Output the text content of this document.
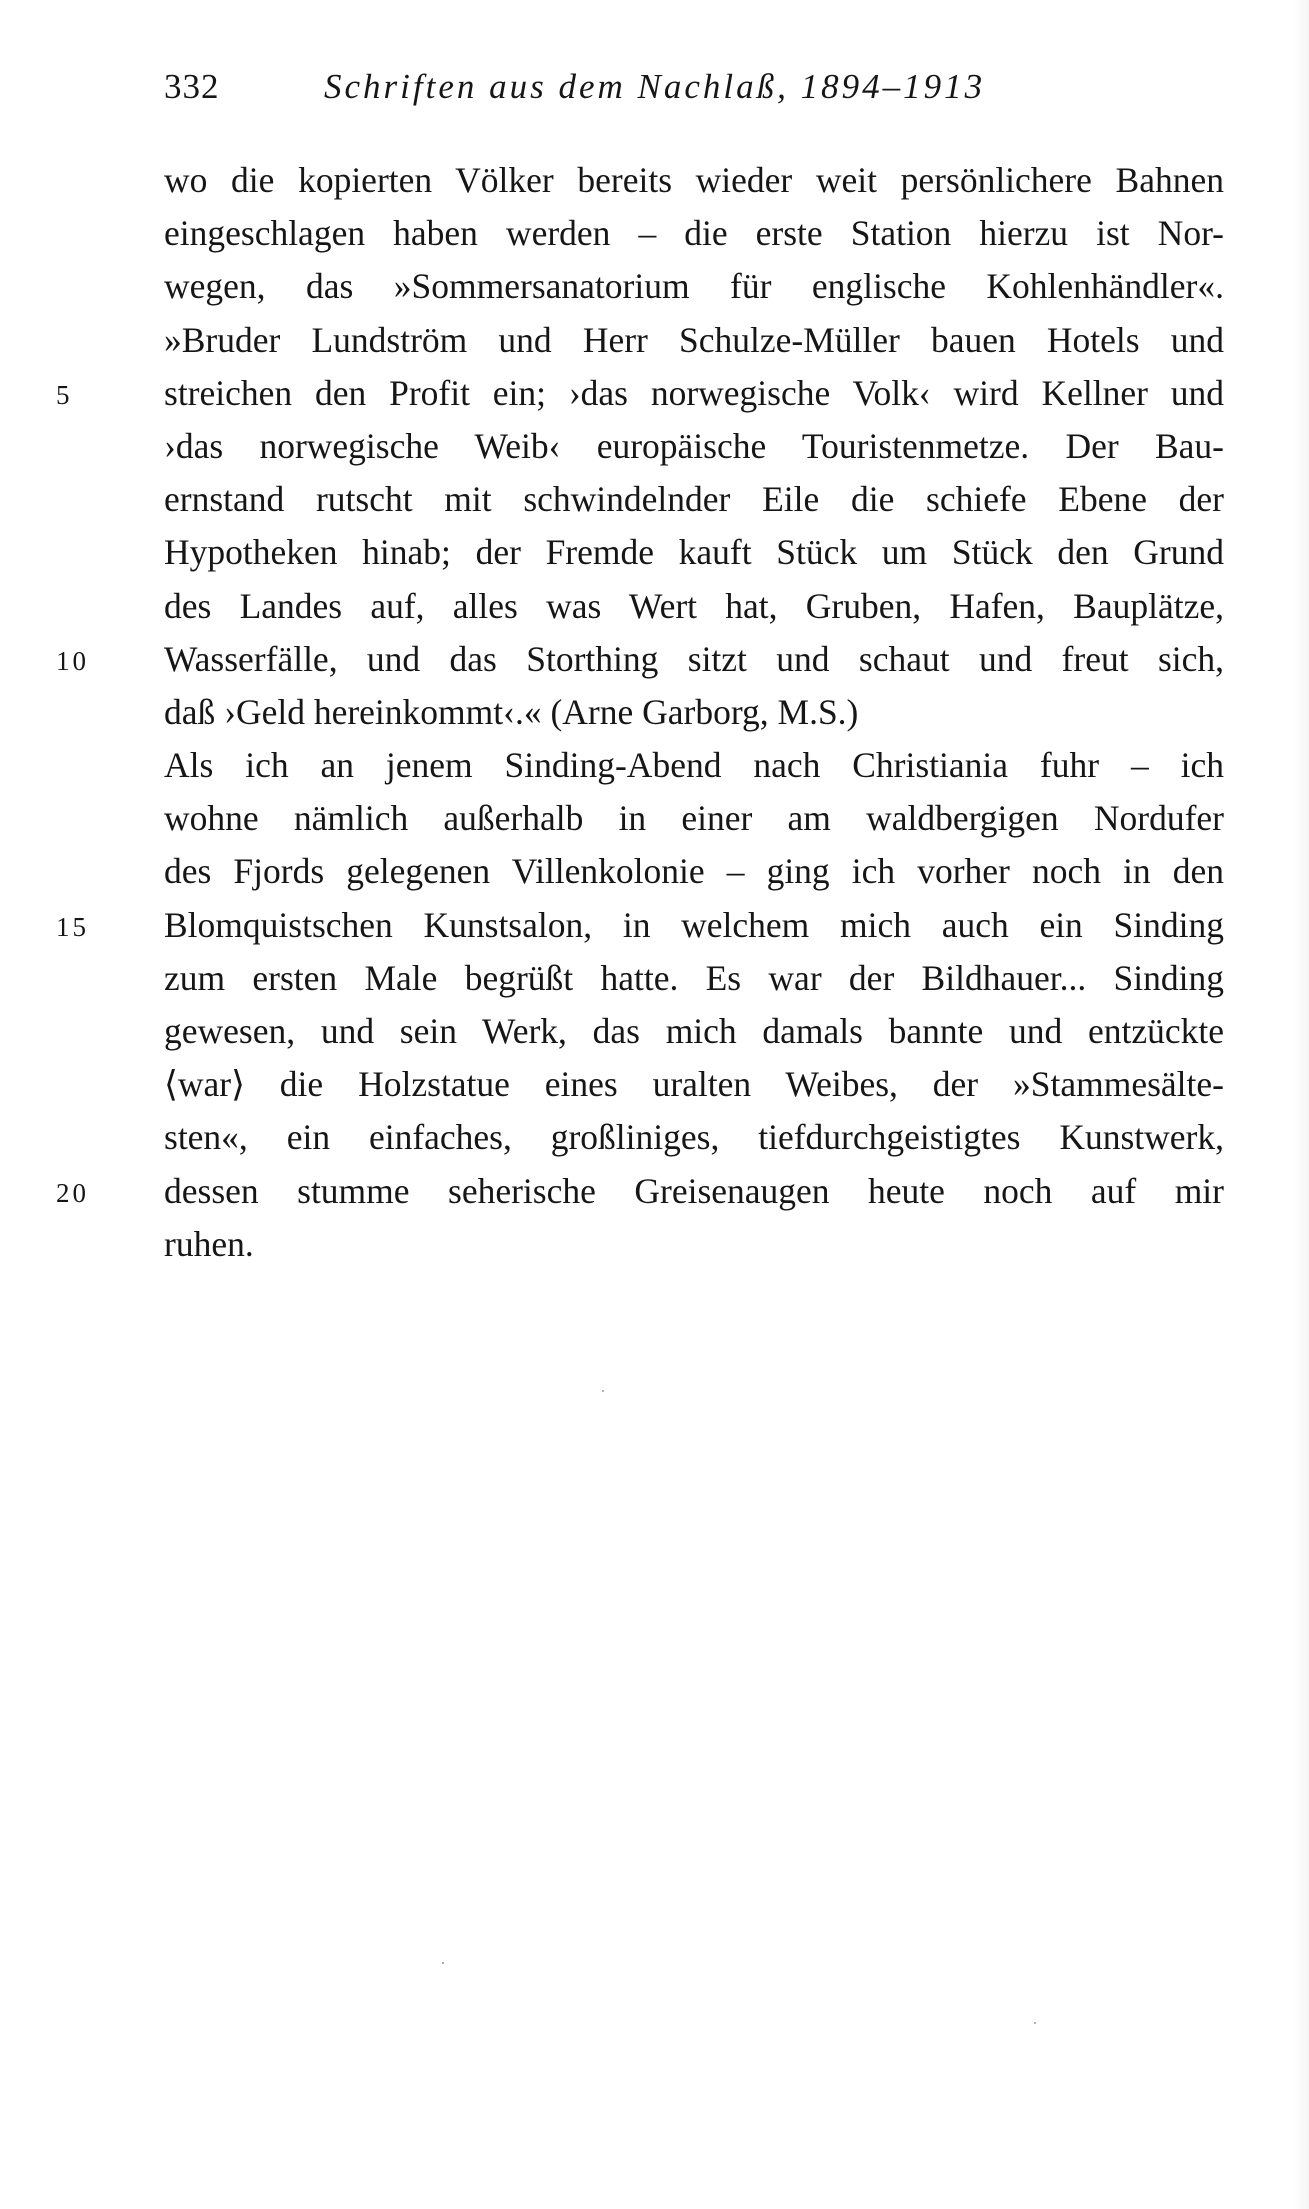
332	Schriften aus dem Nachlaß, 1894–1913
wo die kopierten Völker bereits wieder weit persönlichere Bahnen
eingeschlagen haben werden – die erste Station hierzu ist Nor-
wegen, das »Sommersanatorium für englische Kohlenhändler«.
»Bruder Lundström und Herr Schulze-Müller bauen Hotels und
5	streichen den Profit ein; ›das norwegische Volk‹ wird Kellner und
›das norwegische Weib‹ europäische Touristenmetze. Der Bau-
ernstand rutscht mit schwindelnder Eile die schiefe Ebene der
Hypotheken hinab; der Fremde kauft Stück um Stück den Grund
des Landes auf, alles was Wert hat, Gruben, Hafen, Bauplätze,
10	Wasserfälle, und das Storthing sitzt und schaut und freut sich,
daß ›Geld hereinkommt‹.« (Arne Garborg, M.S.)
Als ich an jenem Sinding-Abend nach Christiania fuhr – ich
wohne nämlich außerhalb in einer am waldbergigen Nordufer
des Fjords gelegenen Villenkolonie – ging ich vorher noch in den
15	Blomquistschen Kunstsalon, in welchem mich auch ein Sinding
zum ersten Male begrüßt hatte. Es war der Bildhauer... Sinding
gewesen, und sein Werk, das mich damals bannte und entzückte
⟨war⟩ die Holzstatue eines uralten Weibes, der »Stammesälte-
sten«, ein einfaches, großliniges, tiefdurchgeistigtes Kunstwerk,
20	dessen stumme seherische Greisenaugen heute noch auf mir
ruhen.
